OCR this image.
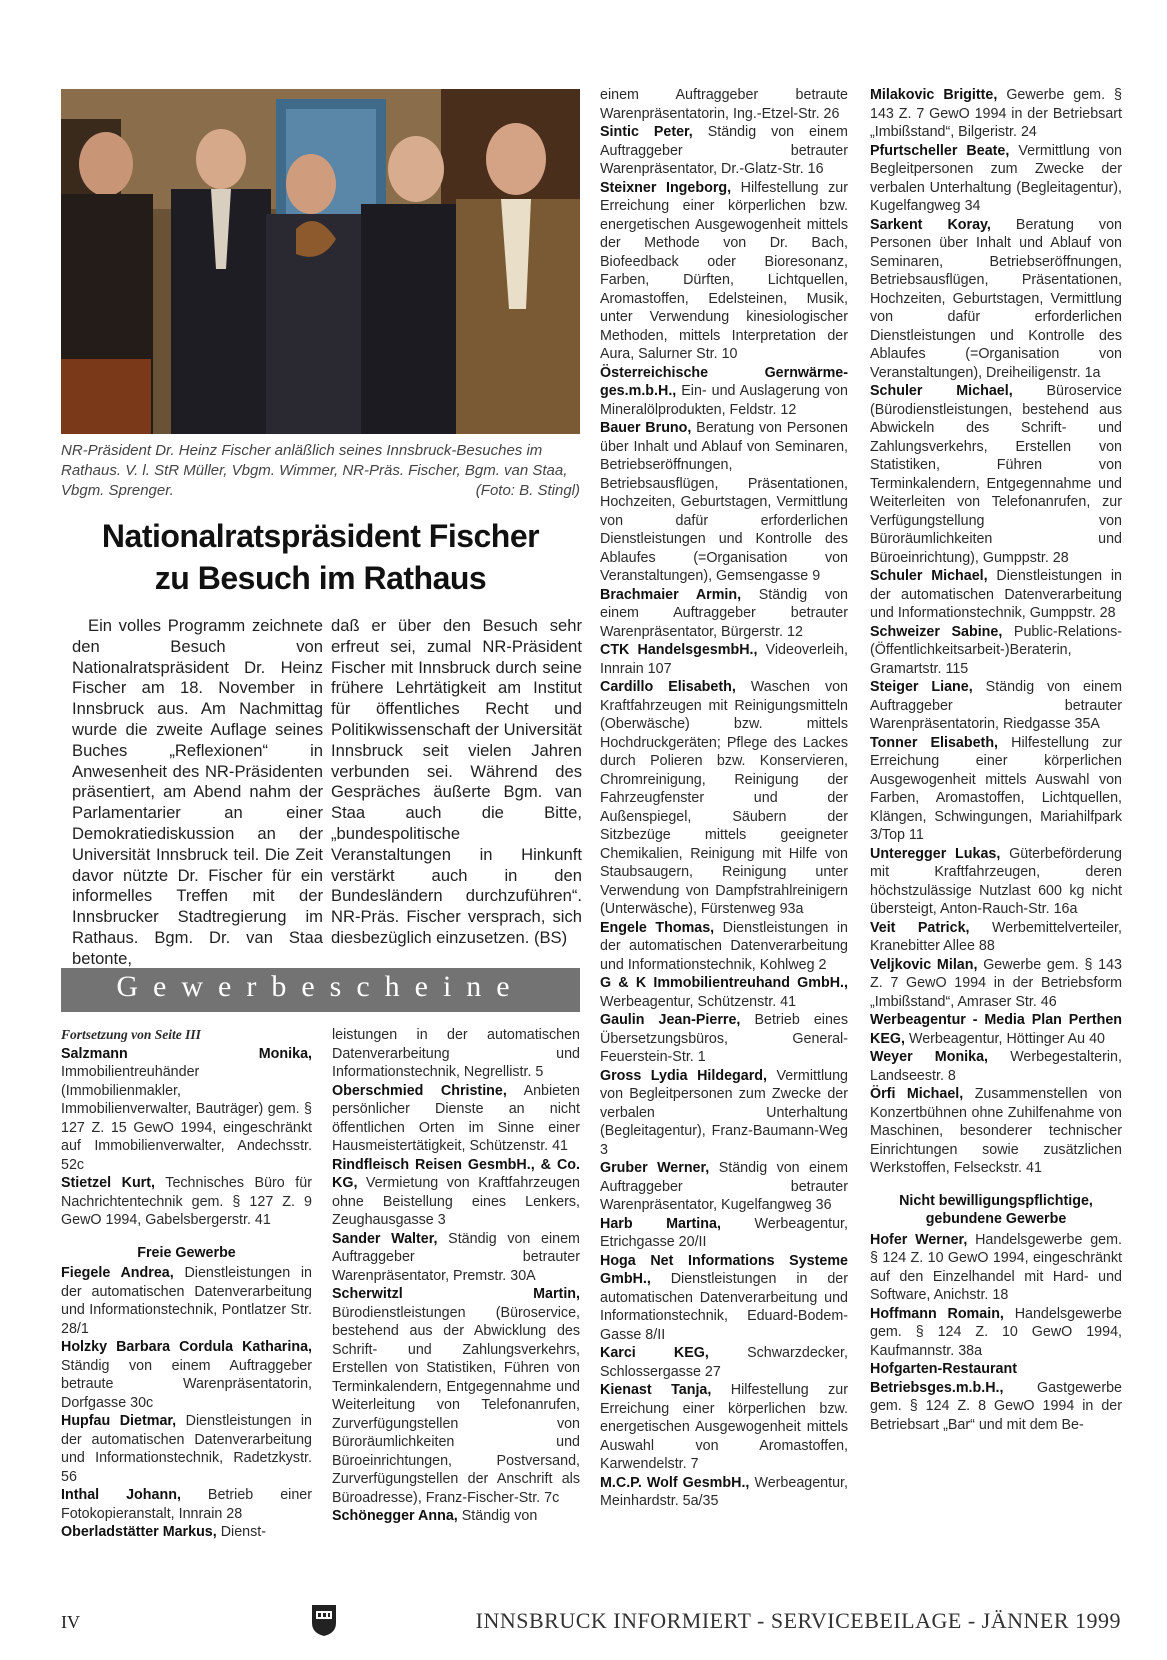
NR-Präsident Dr. Heinz Fischer anläßlich seines Innsbruck-Besuches im Rathaus. V. l. StR Müller, Vbgm. Wimmer, NR-Präs. Fischer, Bgm. van Staa, Vbgm. Sprenger.	(Foto: B. Stingl)
Nationalratspräsident Fischer
zu Besuch im Rathaus
Ein volles Programm zeichnete den Besuch von Nationalratspräsident Dr. Heinz Fischer am 18. November in Innsbruck aus. Am Nachmittag wurde die zweite Auflage seines Buches „Reflexionen“ in Anwesenheit des NR-Präsidenten präsentiert, am Abend nahm der Parlamentarier an einer Demokratiediskussion an der Universität Innsbruck teil. Die Zeit davor nützte Dr. Fischer für ein informelles Treffen mit der Innsbrucker Stadtregierung im Rathaus. Bgm. Dr. van Staa betonte,
daß er über den Besuch sehr erfreut sei, zumal NR-Präsident Fischer mit Innsbruck durch seine frühere Lehrtätigkeit am Institut für öffentliches Recht und Politikwissenschaft der Universität Innsbruck seit vielen Jahren verbunden sei. Während des Gespräches äußerte Bgm. van Staa auch die Bitte, „bundespolitische Veranstaltungen in Hinkunft verstärkt auch in den Bundesländern durchzuführen“. NR-Präs. Fischer versprach, sich diesbezüglich einzusetzen. (BS)
Gewerbescheine
Fortsetzung von Seite III
Salzmann Monika, Immobilientreuhänder (Immobilienmakler, Immobilienverwalter, Bauträger) gem. § 127 Z. 15 GewO 1994, eingeschränkt auf Immobilienverwalter, Andechsstr. 52c
Stietzel Kurt, Technisches Büro für Nachrichtentechnik gem. § 127 Z. 9 GewO 1994, Gabelsbergerstr. 41
Freie Gewerbe
Fiegele Andrea, Dienstleistungen in der automatischen Datenverarbeitung und Informationstechnik, Pontlatzer Str. 28/1
Holzky Barbara Cordula Katharina, Ständig von einem Auftraggeber betraute Warenpräsentatorin, Dorfgasse 30c
Hupfau Dietmar, Dienstleistungen in der automatischen Datenverarbeitung und Informationstechnik, Radetzkystr. 56
Inthal Johann, Betrieb einer Fotokopieranstalt, Innrain 28
Oberladstätter Markus, Dienst-
leistungen in der automatischen Datenverarbeitung und Informationstechnik, Negrellistr. 5
Oberschmied Christine, Anbieten persönlicher Dienste an nicht öffentlichen Orten im Sinne einer Hausmeistertätigkeit, Schützenstr. 41
Rindfleisch Reisen GesmbH., & Co. KG, Vermietung von Kraftfahrzeugen ohne Beistellung eines Lenkers, Zeughausgasse 3
Sander Walter, Ständig von einem Auftraggeber betrauter Warenpräsentator, Premstr. 30A
Scherwitzl Martin, Bürodienstleistungen (Büroservice, bestehend aus der Abwicklung des Schrift- und Zahlungsverkehrs, Erstellen von Statistiken, Führen von Terminkalendern, Entgegennahme und Weiterleitung von Telefonanrufen, Zurverfügungstellen von Büroräumlichkeiten und Büroeinrichtungen, Postversand, Zurverfügungstellen der Anschrift als Büroadresse), Franz-Fischer-Str. 7c
Schönegger Anna, Ständig von
einem Auftraggeber betraute Warenpräsentatorin, Ing.-Etzel-Str. 26
Sintic Peter, Ständig von einem Auftraggeber betrauter Warenpräsentator, Dr.-Glatz-Str. 16
Steixner Ingeborg, Hilfestellung zur Erreichung einer körperlichen bzw. energetischen Ausgewogenheit mittels der Methode von Dr. Bach, Biofeedback oder Bioresonanz, Farben, Dürften, Lichtquellen, Aromastoffen, Edelsteinen, Musik, unter Verwendung kinesiologischer Methoden, mittels Interpretation der Aura, Salurner Str. 10
Österreichische Gernwärmeges.m.b.H., Ein- und Auslagerung von Mineralölprodukten, Feldstr. 12
Bauer Bruno, Beratung von Personen über Inhalt und Ablauf von Seminaren, Betriebseröffnungen, Betriebsausflügen, Präsentationen, Hochzeiten, Geburtstagen, Vermittlung von dafür erforderlichen Dienstleistungen und Kontrolle des Ablaufes (=Organisation von Veranstaltungen), Gemsengasse 9
Brachmaier Armin, Ständig von einem Auftraggeber betrauter Warenpräsentator, Bürgerstr. 12
CTK HandelsgesmbH., Videoverleih, Innrain 107
Cardillo Elisabeth, Waschen von Kraftfahrzeugen mit Reinigungsmitteln (Oberwäsche) bzw. mittels Hochdruckgeräten; Pflege des Lackes durch Polieren bzw. Konservieren, Chromreinigung, Reinigung der Fahrzeugfenster und der Außenspiegel, Säubern der Sitzbezüge mittels geeigneter Chemikalien, Reinigung mit Hilfe von Staubsaugern, Reinigung unter Verwendung von Dampfstrahlreinigern (Unterwäsche), Fürstenweg 93a
Engele Thomas, Dienstleistungen in der automatischen Datenverarbeitung und Informationstechnik, Kohlweg 2
G & K Immobilientreuhand GmbH., Werbeagentur, Schützenstr. 41
Gaulin Jean-Pierre, Betrieb eines Übersetzungsbüros, General-Feuerstein-Str. 1
Gross Lydia Hildegard, Vermittlung von Begleitpersonen zum Zwecke der verbalen Unterhaltung (Begleitagentur), Franz-Baumann-Weg 3
Gruber Werner, Ständig von einem Auftraggeber betrauter Warenpräsentator, Kugelfangweg 36
Harb Martina, Werbeagentur, Etrichgasse 20/II
Hoga Net Informations Systeme GmbH., Dienstleistungen in der automatischen Datenverarbeitung und Informationstechnik, Eduard-Bodem-Gasse 8/II
Karci KEG,	Schwarzdecker, Schlossergasse 27
Kienast Tanja, Hilfestellung zur Erreichung einer körperlichen bzw. energetischen Ausgewogenheit mittels Auswahl von Aromastoffen, Karwendelstr. 7
M.C.P. Wolf GesmbH., Werbeagentur, Meinhardstr. 5a/35
Milakovic Brigitte, Gewerbe gem. § 143 Z. 7 GewO 1994 in der Betriebsart „Imbißstand“, Bilgeristr. 24
Pfurtscheller Beate, Vermittlung von Begleitpersonen zum Zwecke der verbalen Unterhaltung (Begleitagentur), Kugelfangweg 34
Sarkent Koray, Beratung von Personen über Inhalt und Ablauf von Seminaren, Betriebseröffnungen, Betriebsausflügen, Präsentationen, Hochzeiten, Geburtstagen, Vermittlung von dafür erforderlichen Dienstleistungen und Kontrolle des Ablaufes (=Organisation von Veranstaltungen), Dreiheiligenstr. 1a
Schuler Michael, Büroservice (Bürodienstleistungen, bestehend aus Abwickeln des Schrift- und Zahlungsverkehrs, Erstellen von Statistiken, Führen von Terminkalendern, Entgegennahme und Weiterleiten von Telefonanrufen, zur Verfügungstellung von Büroräumlichkeiten und Büroeinrichtung), Gumppstr. 28
Schuler Michael, Dienstleistungen in der automatischen Datenverarbeitung und Informationstechnik, Gumppstr. 28
Schweizer Sabine, Public-Relations-(Öffentlichkeitsarbeit-)Beraterin, Gramartstr. 115
Steiger Liane, Ständig von einem Auftraggeber betrauter Warenpräsentatorin, Riedgasse 35A
Tonner Elisabeth, Hilfestellung zur Erreichung einer körperlichen Ausgewogenheit mittels Auswahl von Farben, Aromastoffen, Lichtquellen, Klängen, Schwingungen, Mariahilfpark 3/Top 11
Unteregger Lukas, Güterbeförderung mit Kraftfahrzeugen, deren höchstzulässige Nutzlast 600 kg nicht übersteigt, Anton-Rauch-Str. 16a
Veit Patrick, Werbemittelverteiler, Kranebitter Allee 88
Veljkovic Milan, Gewerbe gem. § 143 Z. 7 GewO 1994 in der Betriebsform „Imbißstand“, Amraser Str. 46
Werbeagentur - Media Plan Perthen KEG, Werbeagentur, Höttinger Au 40
Weyer Monika, Werbegestalterin, Landseestr. 8
Örfi Michael, Zusammenstellen von Konzertbühnen ohne Zuhilfenahme von Maschinen, besonderer technischer Einrichtungen sowie zusätzlichen Werkstoffen, Felseckstr. 41
Nicht bewilligungspflichtige, gebundene Gewerbe
Hofer Werner, Handelsgewerbe gem. § 124 Z. 10 GewO 1994, eingeschränkt auf den Einzelhandel mit Hard- und Software, Anichstr. 18
Hoffmann Romain, Handelsgewerbe gem. § 124 Z. 10 GewO 1994, Kaufmannstr. 38a
Hofgarten-Restaurant Betriebsges.m.b.H., Gastgewerbe gem. § 124 Z. 8 GewO 1994 in der Betriebsart „Bar“ und mit dem Be-
IV	INNSBRUCK INFORMIERT - SERVICEBEILAGE - JÄNNER 1999
